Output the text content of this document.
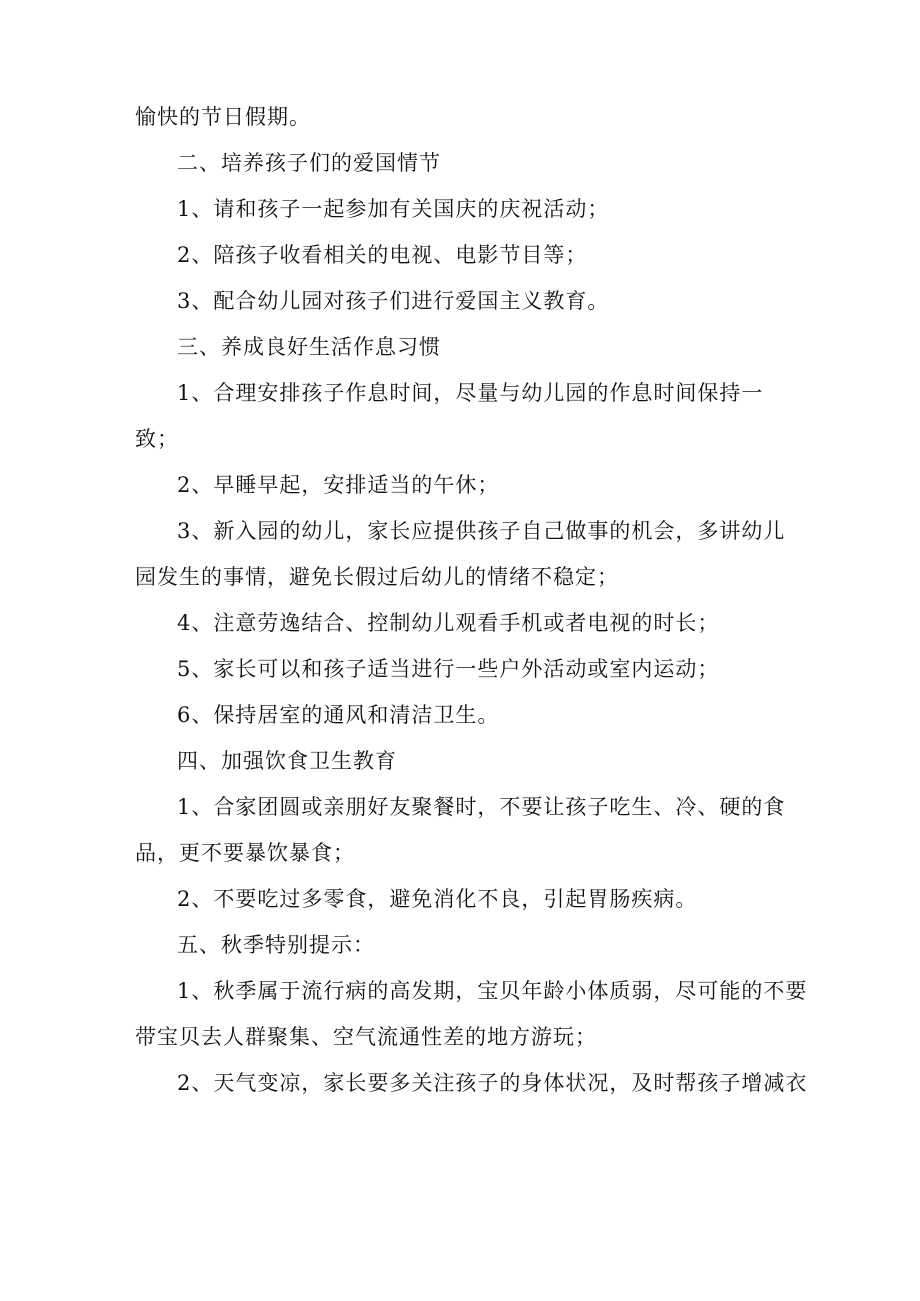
愉快的节日假期。
二、培养孩子们的爱国情节
1、请和孩子一起参加有关国庆的庆祝活动；
2、陪孩子收看相关的电视、电影节目等；
3、配合幼儿园对孩子们进行爱国主义教育。
三、养成良好生活作息习惯
1、合理安排孩子作息时间，尽量与幼儿园的作息时间保持一
致；
2、早睡早起，安排适当的午休；
3、新入园的幼儿，家长应提供孩子自己做事的机会，多讲幼儿
园发生的事情，避免长假过后幼儿的情绪不稳定；
4、注意劳逸结合、控制幼儿观看手机或者电视的时长；
5、家长可以和孩子适当进行一些户外活动或室内运动；
6、保持居室的通风和清洁卫生。
四、加强饮食卫生教育
1、合家团圆或亲朋好友聚餐时，不要让孩子吃生、冷、硬的食
品，更不要暴饮暴食；
2、不要吃过多零食，避免消化不良，引起胃肠疾病。
五、秋季特别提示：
1、秋季属于流行病的高发期，宝贝年龄小体质弱，尽可能的不要
带宝贝去人群聚集、空气流通性差的地方游玩；
2、天气变凉，家长要多关注孩子的身体状况，及时帮孩子增减衣
